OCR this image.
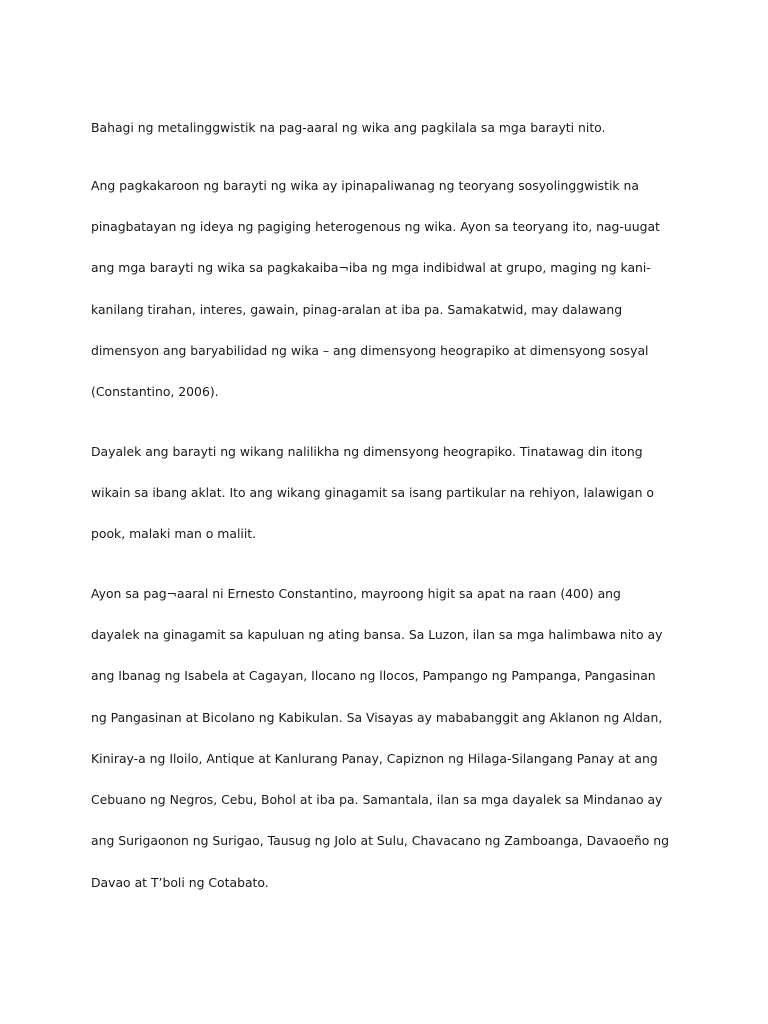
Bahagi ng metalinggwistik na pag-aaral ng wika ang pagkilala sa mga barayti nito.

Ang pagkakaroon ng barayti ng wika ay ipinapaliwanag ng teoryang sosyolinggwistik na

pinagbatayan ng ideya ng pagiging heterogenous ng wika. Ayon sa teoryang ito, nag-uugat

ang mga barayti ng wika sa pagkakaiba¬iba ng mga indibidwal at grupo, maging ng kani-

kanilang tirahan, interes, gawain, pinag-aralan at iba pa. Samakatwid, may dalawang

dimensyon ang baryabilidad ng wika – ang dimensyong heograpiko at dimensyong sosyal

(Constantino, 2006).

Dayalek ang barayti ng wikang nalilikha ng dimensyong heograpiko. Tinatawag din itong

wikain sa ibang aklat. Ito ang wikang ginagamit sa isang partikular na rehiyon, lalawigan o

pook, malaki man o maliit.

Ayon sa pag¬aaral ni Ernesto Constantino, mayroong higit sa apat na raan (400) ang

dayalek na ginagamit sa kapuluan ng ating bansa. Sa Luzon, ilan sa mga halimbawa nito ay

ang Ibanag ng Isabela at Cagayan, Ilocano ng llocos, Pampango ng Pampanga, Pangasinan

ng Pangasinan at Bicolano ng Kabikulan. Sa Visayas ay mababanggit ang Aklanon ng Aldan,

Kiniray-a ng Iloilo, Antique at Kanlurang Panay, Capiznon ng Hilaga-Silangang Panay at ang

Cebuano ng Negros, Cebu, Bohol at iba pa. Samantala, ilan sa mga dayalek sa Mindanao ay

ang Surigaonon ng Surigao, Tausug ng Jolo at Sulu, Chavacano ng Zamboanga, Davaoeño ng

Davao at T’boli ng Cotabato.
